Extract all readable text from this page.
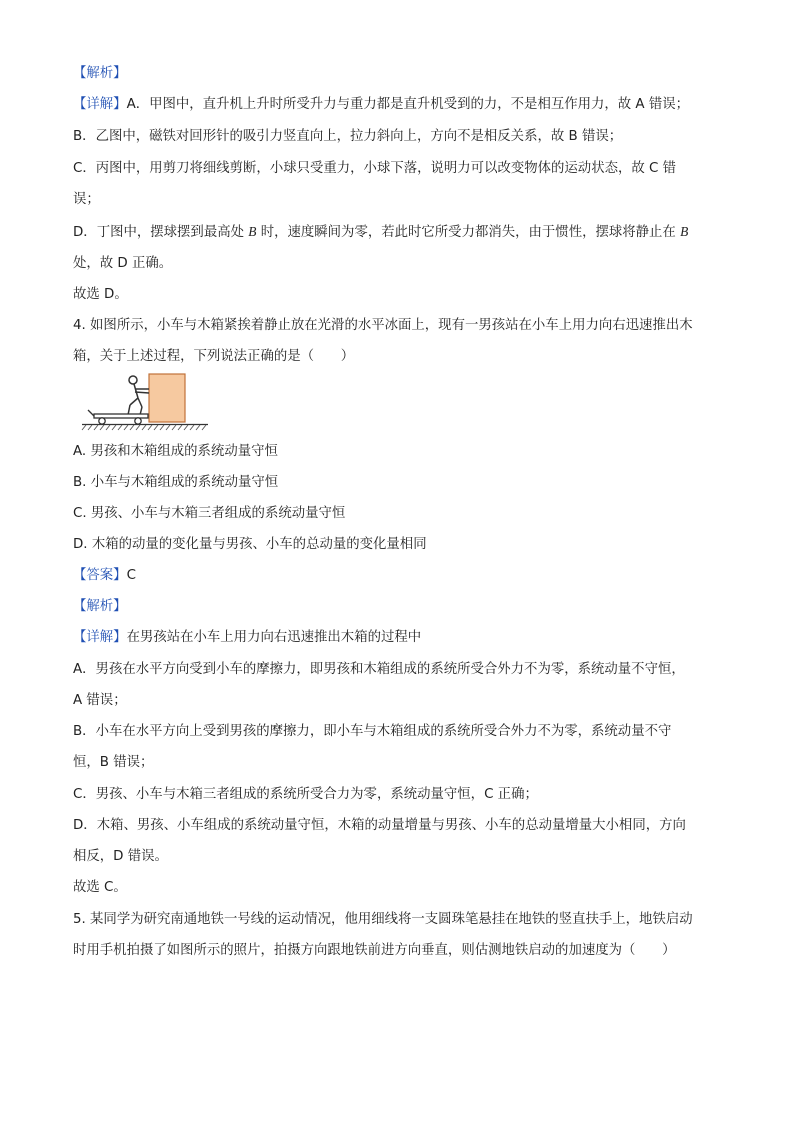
【解析】
【详解】A．甲图中，直升机上升时所受升力与重力都是直升机受到的力，不是相互作用力，故 A 错误；
B．乙图中，磁铁对回形针的吸引力竖直向上，拉力斜向上，方向不是相反关系，故 B 错误；
C．丙图中，用剪刀将细线剪断，小球只受重力，小球下落，说明力可以改变物体的运动状态，故 C 错
误；
D．丁图中，摆球摆到最高处 B 时，速度瞬间为零，若此时它所受力都消失，由于惯性，摆球将静止在 B
处，故 D 正确。
故选 D。
4. 如图所示，小车与木箱紧挨着静止放在光滑的水平冰面上，现有一男孩站在小车上用力向右迅速推出木
箱，关于上述过程，下列说法正确的是（　　）
A. 男孩和木箱组成的系统动量守恒
B. 小车与木箱组成的系统动量守恒
C. 男孩、小车与木箱三者组成的系统动量守恒
D. 木箱的动量的变化量与男孩、小车的总动量的变化量相同
【答案】C
【解析】
【详解】在男孩站在小车上用力向右迅速推出木箱的过程中
A．男孩在水平方向受到小车的摩擦力，即男孩和木箱组成的系统所受合外力不为零，系统动量不守恒，
A 错误；
B．小车在水平方向上受到男孩的摩擦力，即小车与木箱组成的系统所受合外力不为零，系统动量不守
恒，B 错误；
C．男孩、小车与木箱三者组成的系统所受合力为零，系统动量守恒，C 正确；
D．木箱、男孩、小车组成的系统动量守恒，木箱的动量增量与男孩、小车的总动量增量大小相同，方向
相反，D 错误。
故选 C。
5. 某同学为研究南通地铁一号线的运动情况，他用细线将一支圆珠笔悬挂在地铁的竖直扶手上，地铁启动
时用手机拍摄了如图所示的照片，拍摄方向跟地铁前进方向垂直，则估测地铁启动的加速度为（　　）
